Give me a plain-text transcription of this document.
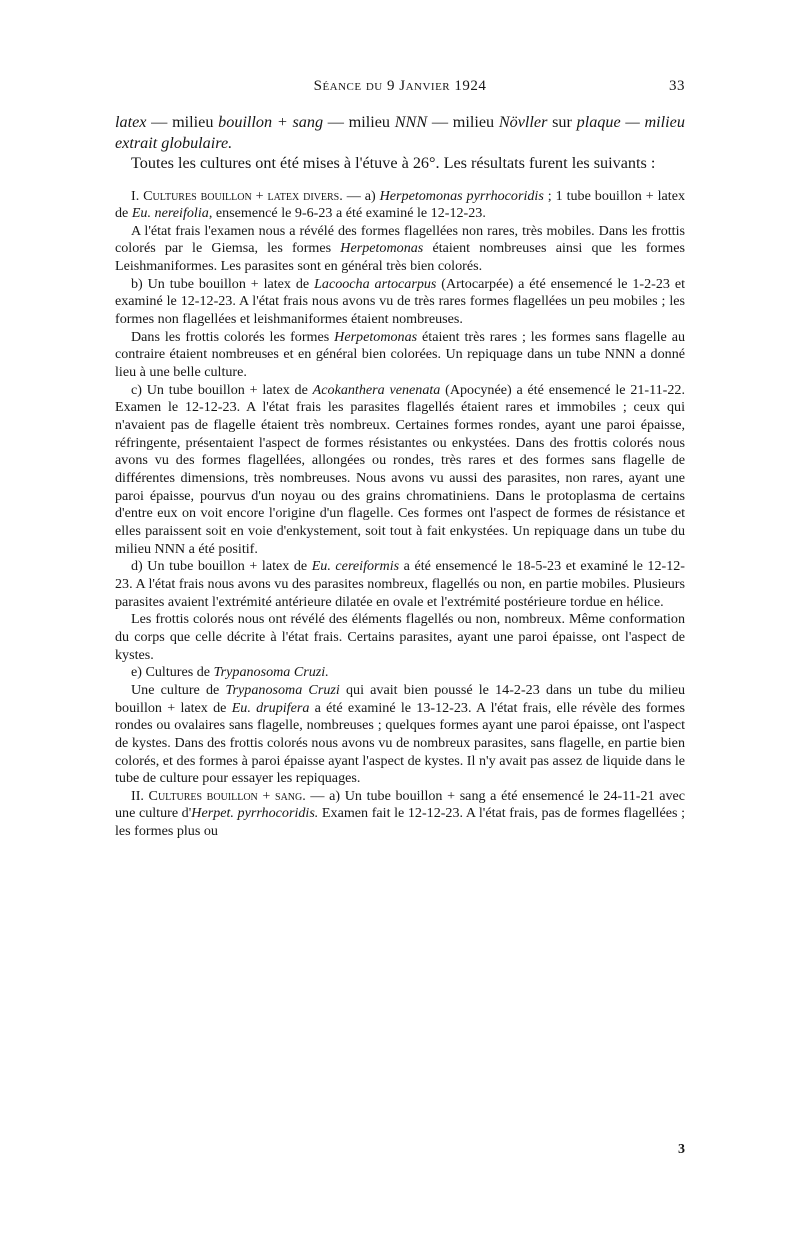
Séance du 9 Janvier 1924	33

latex — milieu bouillon + sang — milieu NNN — milieu Növller sur plaque — milieu extrait globulaire.

Toutes les cultures ont été mises à l'étuve à 26°. Les résultats furent les suivants :

I. Cultures bouillon + latex divers. — a) Herpetomonas pyrrhocoridis ; 1 tube bouillon + latex de Eu. nereifolia, ensemencé le 9-6-23 a été examiné le 12-12-23.

A l'état frais l'examen nous a révélé des formes flagellées non rares, très mobiles. Dans les frottis colorés par le Giemsa, les formes Herpetomonas étaient nombreuses ainsi que les formes Leishmaniformes. Les parasites sont en général très bien colorés.

b) Un tube bouillon + latex de Lacoocha artocarpus (Artocarpée) a été ensemencé le 1-2-23 et examiné le 12-12-23. A l'état frais nous avons vu de très rares formes flagellées un peu mobiles ; les formes non flagellées et leishmaniformes étaient nombreuses.

Dans les frottis colorés les formes Herpetomonas étaient très rares ; les formes sans flagelle au contraire étaient nombreuses et en général bien colorées. Un repiquage dans un tube NNN a donné lieu à une belle culture.

c) Un tube bouillon + latex de Acokanthera venenata (Apocynée) a été ensemencé le 21-11-22. Examen le 12-12-23. A l'état frais les parasites flagellés étaient rares et immobiles ; ceux qui n'avaient pas de flagelle étaient très nombreux. Certaines formes rondes, ayant une paroi épaisse, réfringente, présentaient l'aspect de formes résistantes ou enkystées. Dans des frottis colorés nous avons vu des formes flagellées, allongées ou rondes, très rares et des formes sans flagelle de différentes dimensions, très nombreuses. Nous avons vu aussi des parasites, non rares, ayant une paroi épaisse, pourvus d'un noyau ou des grains chromatiniens. Dans le protoplasma de certains d'entre eux on voit encore l'origine d'un flagelle. Ces formes ont l'aspect de formes de résistance et elles paraissent soit en voie d'enkystement, soit tout à fait enkystées. Un repiquage dans un tube du milieu NNN a été positif.

d) Un tube bouillon + latex de Eu. cereiformis a été ensemencé le 18-5-23 et examiné le 12-12-23. A l'état frais nous avons vu des parasites nombreux, flagellés ou non, en partie mobiles. Plusieurs parasites avaient l'extrémité antérieure dilatée en ovale et l'extrémité postérieure tordue en hélice.

Les frottis colorés nous ont révélé des éléments flagellés ou non, nombreux. Même conformation du corps que celle décrite à l'état frais. Certains parasites, ayant une paroi épaisse, ont l'aspect de kystes.

e) Cultures de Trypanosoma Cruzi.

Une culture de Trypanosoma Cruzi qui avait bien poussé le 14-2-23 dans un tube du milieu bouillon + latex de Eu. drupifera a été examiné le 13-12-23. A l'état frais, elle révèle des formes rondes ou ovalaires sans flagelle, nombreuses ; quelques formes ayant une paroi épaisse, ont l'aspect de kystes. Dans des frottis colorés nous avons vu de nombreux parasites, sans flagelle, en partie bien colorés, et des formes à paroi épaisse ayant l'aspect de kystes. Il n'y avait pas assez de liquide dans le tube de culture pour essayer les repiquages.

II. Cultures bouillon + sang. — a) Un tube bouillon + sang a été ensemencé le 24-11-21 avec une culture d'Herpet. pyrrhocoridis. Examen fait le 12-12-23. A l'état frais, pas de formes flagellées ; les formes plus ou

3
